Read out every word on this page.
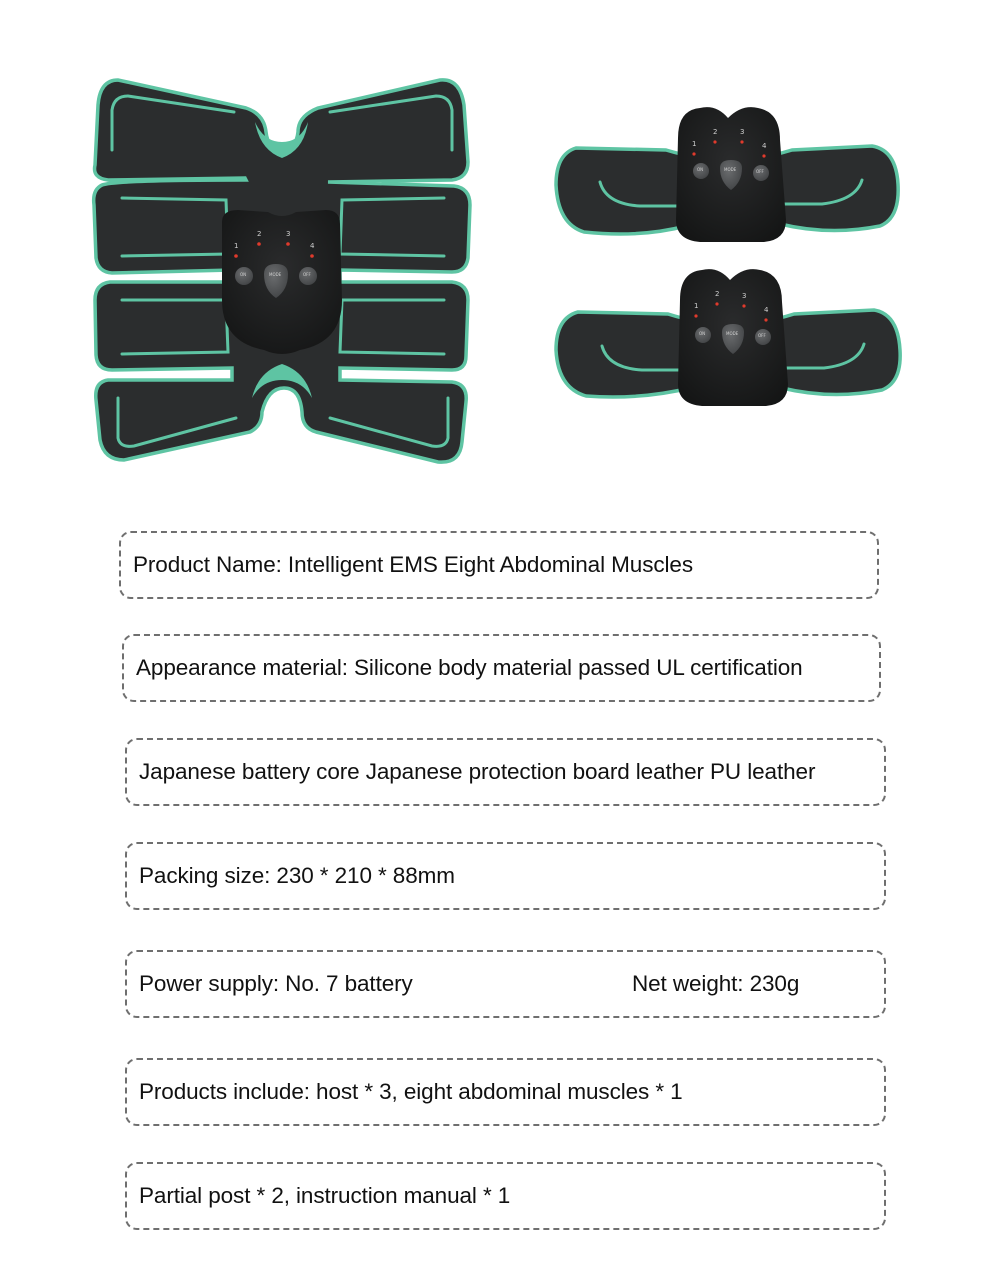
1
2	3
4
ON	MODE	OFF
1
2	3
4
ON	MODE	OFF
1
2	3
4
ON	MODE	OFF
Product Name: Intelligent EMS Eight Abdominal Muscles
Appearance material: Silicone body material passed UL certification
Japanese battery core Japanese protection board leather PU leather
Packing size: 230 * 210 * 88mm
Power supply: No. 7 battery	Net weight: 230g
Products include: host * 3, eight abdominal muscles * 1
Partial post * 2, instruction manual * 1
